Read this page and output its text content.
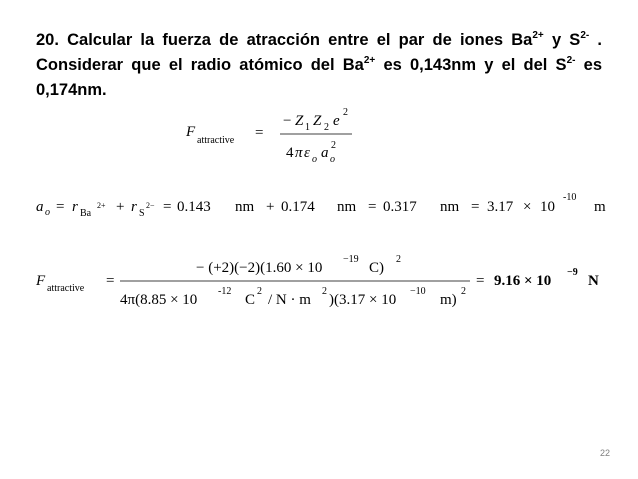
20. Calcular la fuerza de atracción entre el par de iones $Ba^{2+}$ y $S^{2-}$ . Considerar que el radio atómico del $Ba^{2+}$ es 0,143nm y el del $S^{2-}$ es 0,174nm.
F
attractive =
− Z 1 Z 2 e
2
4 π ε o a o
2
a o = r Ba
2+ + r S
2− = 0.143 nm + 0.174 nm = 0.317 nm = 3.17 × 10
-10
m
F attractive =
− (+2)(−2)(1.60 × 10
−19
C)
2
4π(8.85 × 10
-12
C
2
/ N · m
2
)(3.17 × 10
−10
m)
2
= 9.16 × 10
−9
N
22
